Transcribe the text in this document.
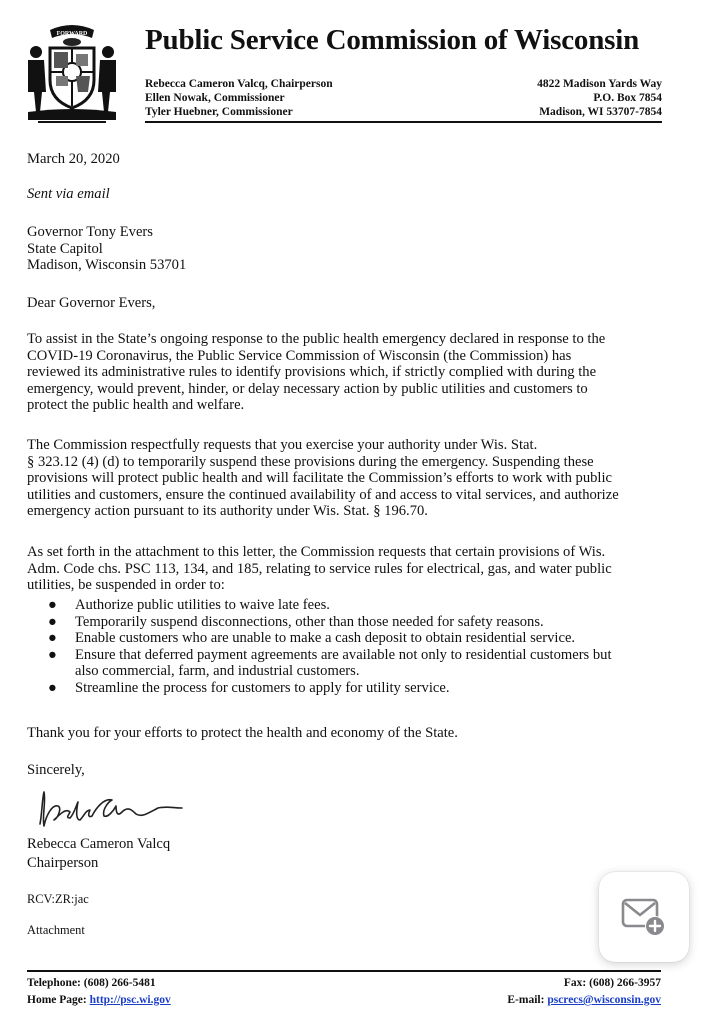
FORWARD Public Service Commission of Wisconsin
Rebecca Cameron Valcq, Chairperson
Ellen Nowak, Commissioner
Tyler Huebner, Commissioner
4822 Madison Yards Way
P.O. Box 7854
Madison, WI 53707-7854
March 20, 2020
Sent via email
Governor Tony Evers
State Capitol
Madison, Wisconsin 53701
Dear Governor Evers,
To assist in the State’s ongoing response to the public health emergency declared in response to the
COVID-19 Coronavirus, the Public Service Commission of Wisconsin (the Commission) has
reviewed its administrative rules to identify provisions which, if strictly complied with during the
emergency, would prevent, hinder, or delay necessary action by public utilities and customers to
protect the public health and welfare.
The Commission respectfully requests that you exercise your authority under Wis. Stat.
§ 323.12 (4) (d) to temporarily suspend these provisions during the emergency. Suspending these
provisions will protect public health and will facilitate the Commission’s efforts to work with public
utilities and customers, ensure the continued availability of and access to vital services, and authorize
emergency action pursuant to its authority under Wis. Stat. § 196.70.
As set forth in the attachment to this letter, the Commission requests that certain provisions of Wis.
Adm. Code chs. PSC 113, 134, and 185, relating to service rules for electrical, gas, and water public
utilities, be suspended in order to:
● Authorize public utilities to waive late fees.
● Temporarily suspend disconnections, other than those needed for safety reasons.
● Enable customers who are unable to make a cash deposit to obtain residential service.
● Ensure that deferred payment agreements are available not only to residential customers but
also commercial, farm, and industrial customers.
● Streamline the process for customers to apply for utility service.
Thank you for your efforts to protect the health and economy of the State.
Sincerely,
Rebecca Cameron Valcq
Chairperson
RCV:ZR:jac
Attachment
Telephone: (608) 266-5481
Home Page: http://psc.wi.gov
Fax: (608) 266-3957
E-mail: pscrecs@wisconsin.gov
